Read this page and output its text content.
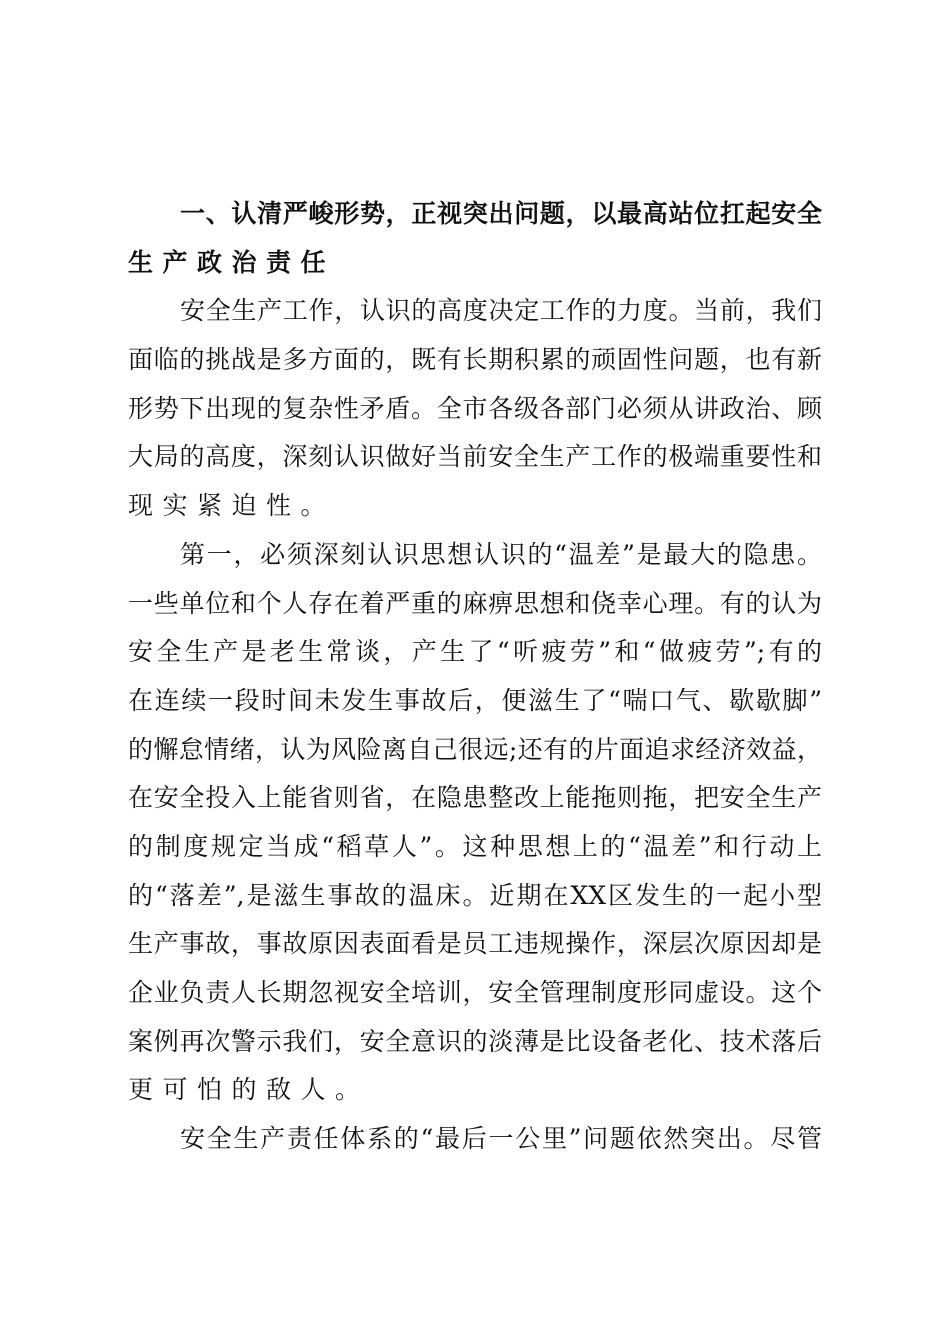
一、认清严峻形势，正视突出问题，以最高站位扛起安全
生产政治责任
安全生产工作，认识的高度决定工作的力度。当前，我们
面临的挑战是多方面的，既有长期积累的顽固性问题，也有新
形势下出现的复杂性矛盾。全市各级各部门必须从讲政治、顾
大局的高度，深刻认识做好当前安全生产工作的极端重要性和
现实紧迫性。
第一，必须深刻认识思想认识的“温差”是最大的隐患。
一些单位和个人存在着严重的麻痹思想和侥幸心理。有的认为
安全生产是老生常谈，产生了“听疲劳”和“做疲劳”;有的
在连续一段时间未发生事故后，便滋生了“喘口气、歇歇脚”
的懈怠情绪，认为风险离自己很远;还有的片面追求经济效益，
在安全投入上能省则省，在隐患整改上能拖则拖，把安全生产
的制度规定当成“稻草人”。这种思想上的“温差”和行动上
的“落差”,是滋生事故的温床。近期在XX区发生的一起小型
生产事故，事故原因表面看是员工违规操作，深层次原因却是
企业负责人长期忽视安全培训，安全管理制度形同虚设。这个
案例再次警示我们，安全意识的淡薄是比设备老化、技术落后
更可怕的敌人。
安全生产责任体系的“最后一公里”问题依然突出。尽管
